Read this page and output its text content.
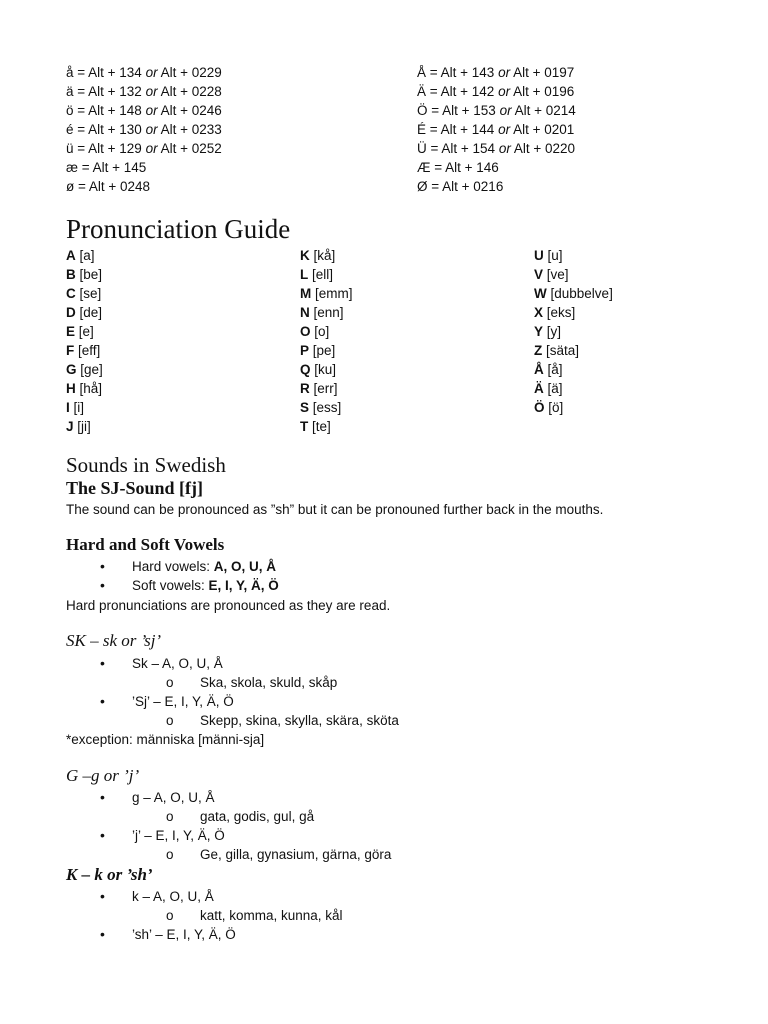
å = Alt + 134 or Alt + 0229
ä = Alt + 132 or Alt + 0228
ö = Alt + 148 or Alt + 0246
é = Alt + 130 or Alt + 0233
ü = Alt + 129 or Alt + 0252
æ = Alt + 145
ø = Alt + 0248
Å = Alt + 143 or Alt + 0197
Ä = Alt + 142 or Alt + 0196
Ö = Alt + 153 or Alt + 0214
É = Alt + 144 or Alt + 0201
Ü = Alt + 154 or Alt + 0220
Æ = Alt + 146
Ø = Alt + 0216
Pronunciation Guide
A [a]
B [be]
C [se]
D [de]
E [e]
F [eff]
G [ge]
H [hå]
I [i]
J [ji]
K [kå]
L [ell]
M [emm]
N [enn]
O [o]
P [pe]
Q [ku]
R [err]
S [ess]
T [te]
U [u]
V [ve]
W [dubbelve]
X [eks]
Y [y]
Z [säta]
Å [å]
Ä [ä]
Ö [ö]
Sounds in Swedish
The SJ-Sound [fj]
The sound can be pronounced as ”sh” but it can be pronouned further back in the mouths.
Hard and Soft Vowels
• Hard vowels: A, O, U, Å
• Soft vowels: E, I, Y, Ä, Ö
Hard pronunciations are pronounced as they are read.
SK – sk or ’sj’
• Sk – A, O, U, Å
o Ska, skola, skuld, skåp
• ’Sj’ – E, I, Y, Ä, Ö
o Skepp, skina, skylla, skära, sköta
*exception: människa [männi-sja]
G –g or ’j’
• g – A, O, U, Å
o gata, godis, gul, gå
• ’j’ – E, I, Y, Ä, Ö
o Ge, gilla, gynasium, gärna, göra
K – k or ’sh’
• k – A, O, U, Å
o katt, komma, kunna, kål
• ’sh’ – E, I, Y, Ä, Ö
